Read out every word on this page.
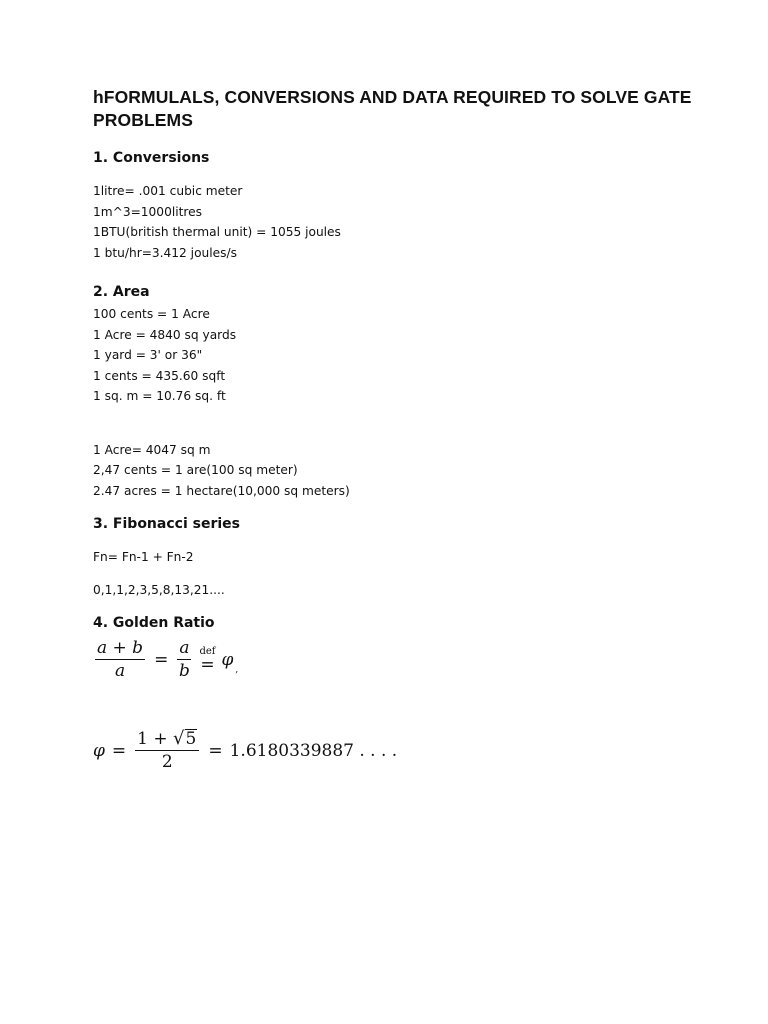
hFORMULALS, CONVERSIONS AND DATA REQUIRED TO SOLVE GATE PROBLEMS
1. Conversions

1litre= .001 cubic meter

1m^3=1000litres

1BTU(british thermal unit) = 1055 joules

1 btu/hr=3.412 joules/s

2. Area

100 cents = 1 Acre

1 Acre = 4840 sq yards

1 yard = 3' or 36"

1 cents = 435.60 sqft

1 sq. m = 10.76 sq. ft

1 Acre= 4047 sq m

2,47 cents = 1 are(100 sq meter)

2.47 acres = 1 hectare(10,000 sq meters)

3. Fibonacci series

Fn= Fn-1 + Fn-2

0,1,1,2,3,5,8,13,21....

4. Golden Ratio
$\frac{a + b}{a} = \frac{a}{b}$ def
= φ
,
$\varphi = \frac{1 + √ 5}{2} = 1.6180339887$ . . . .
